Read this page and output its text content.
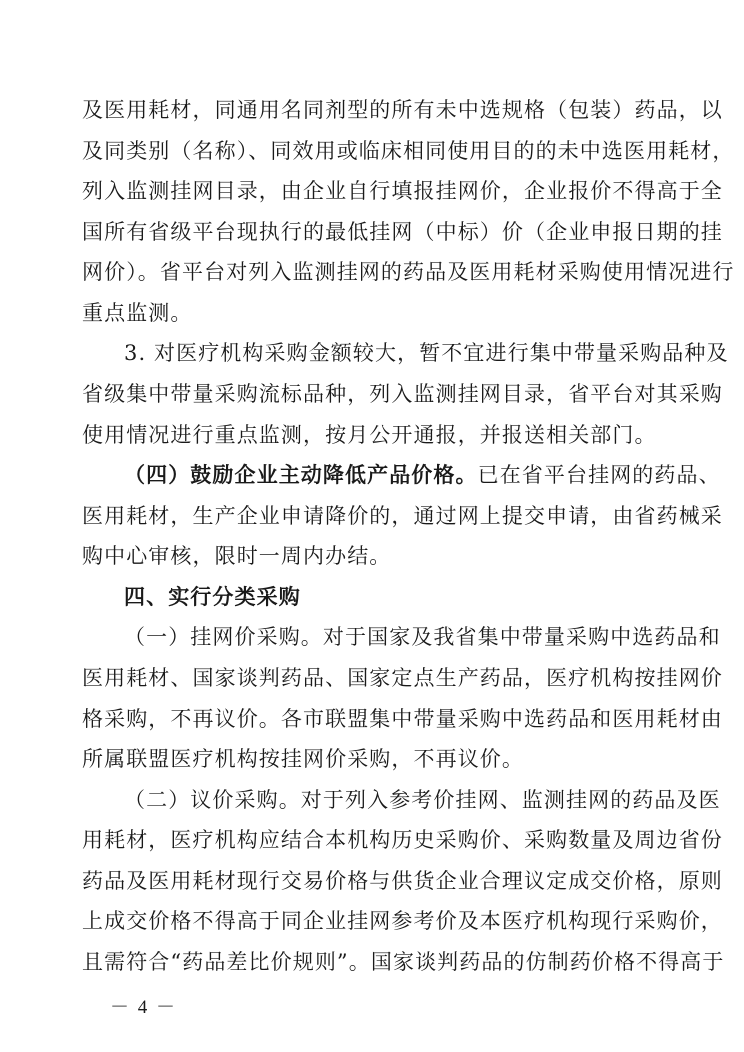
及医用耗材，同通用名同剂型的所有未中选规格（包装）药品，以
及同类别（名称）、同效用或临床相同使用目的的未中选医用耗材，
列入监测挂网目录，由企业自行填报挂网价，企业报价不得高于全
国所有省级平台现执行的最低挂网（中标）价（企业申报日期的挂
网价）。省平台对列入监测挂网的药品及医用耗材采购使用情况进行
重点监测。
3. 对医疗机构采购金额较大，暂不宜进行集中带量采购品种及
省级集中带量采购流标品种，列入监测挂网目录，省平台对其采购
使用情况进行重点监测，按月公开通报，并报送相关部门。
（四）鼓励企业主动降低产品价格。已在省平台挂网的药品、
医用耗材，生产企业申请降价的，通过网上提交申请，由省药械采
购中心审核，限时一周内办结。
四、实行分类采购
（一）挂网价采购。对于国家及我省集中带量采购中选药品和
医用耗材、国家谈判药品、国家定点生产药品，医疗机构按挂网价
格采购，不再议价。各市联盟集中带量采购中选药品和医用耗材由
所属联盟医疗机构按挂网价采购，不再议价。
（二）议价采购。对于列入参考价挂网、监测挂网的药品及医
用耗材，医疗机构应结合本机构历史采购价、采购数量及周边省份
药品及医用耗材现行交易价格与供货企业合理议定成交价格，原则
上成交价格不得高于同企业挂网参考价及本医疗机构现行采购价，
且需符合“药品差比价规则”。国家谈判药品的仿制药价格不得高于
－ 4 －
